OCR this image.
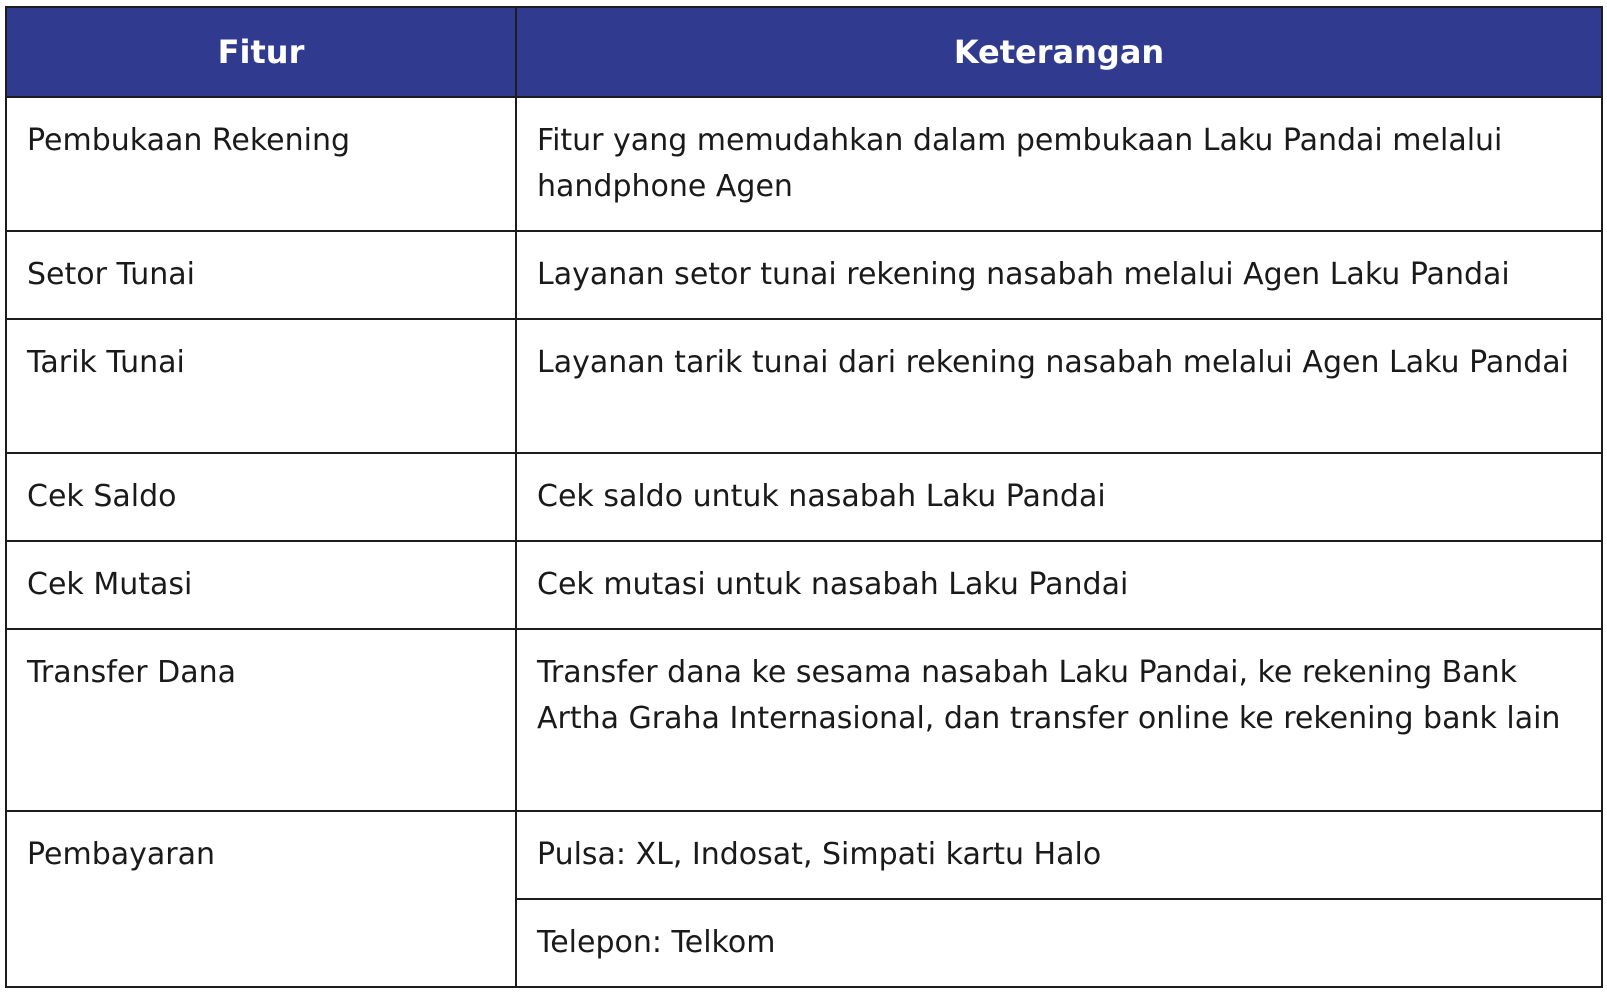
Fitur	Keterangan
Pembukaan Rekening	Fitur yang memudahkan dalam pembukaan Laku Pandai melalui handphone Agen
Setor Tunai	Layanan setor tunai rekening nasabah melalui Agen Laku Pandai
Tarik Tunai	Layanan tarik tunai dari rekening nasabah melalui Agen Laku Pandai
Cek Saldo	Cek saldo untuk nasabah Laku Pandai
Cek Mutasi	Cek mutasi untuk nasabah Laku Pandai
Transfer Dana	Transfer dana ke sesama nasabah Laku Pandai, ke rekening Bank Artha Graha Internasional, dan transfer online ke rekening bank lain
Pembayaran	Pulsa: XL, Indosat, Simpati kartu Halo
	Telepon: Telkom
